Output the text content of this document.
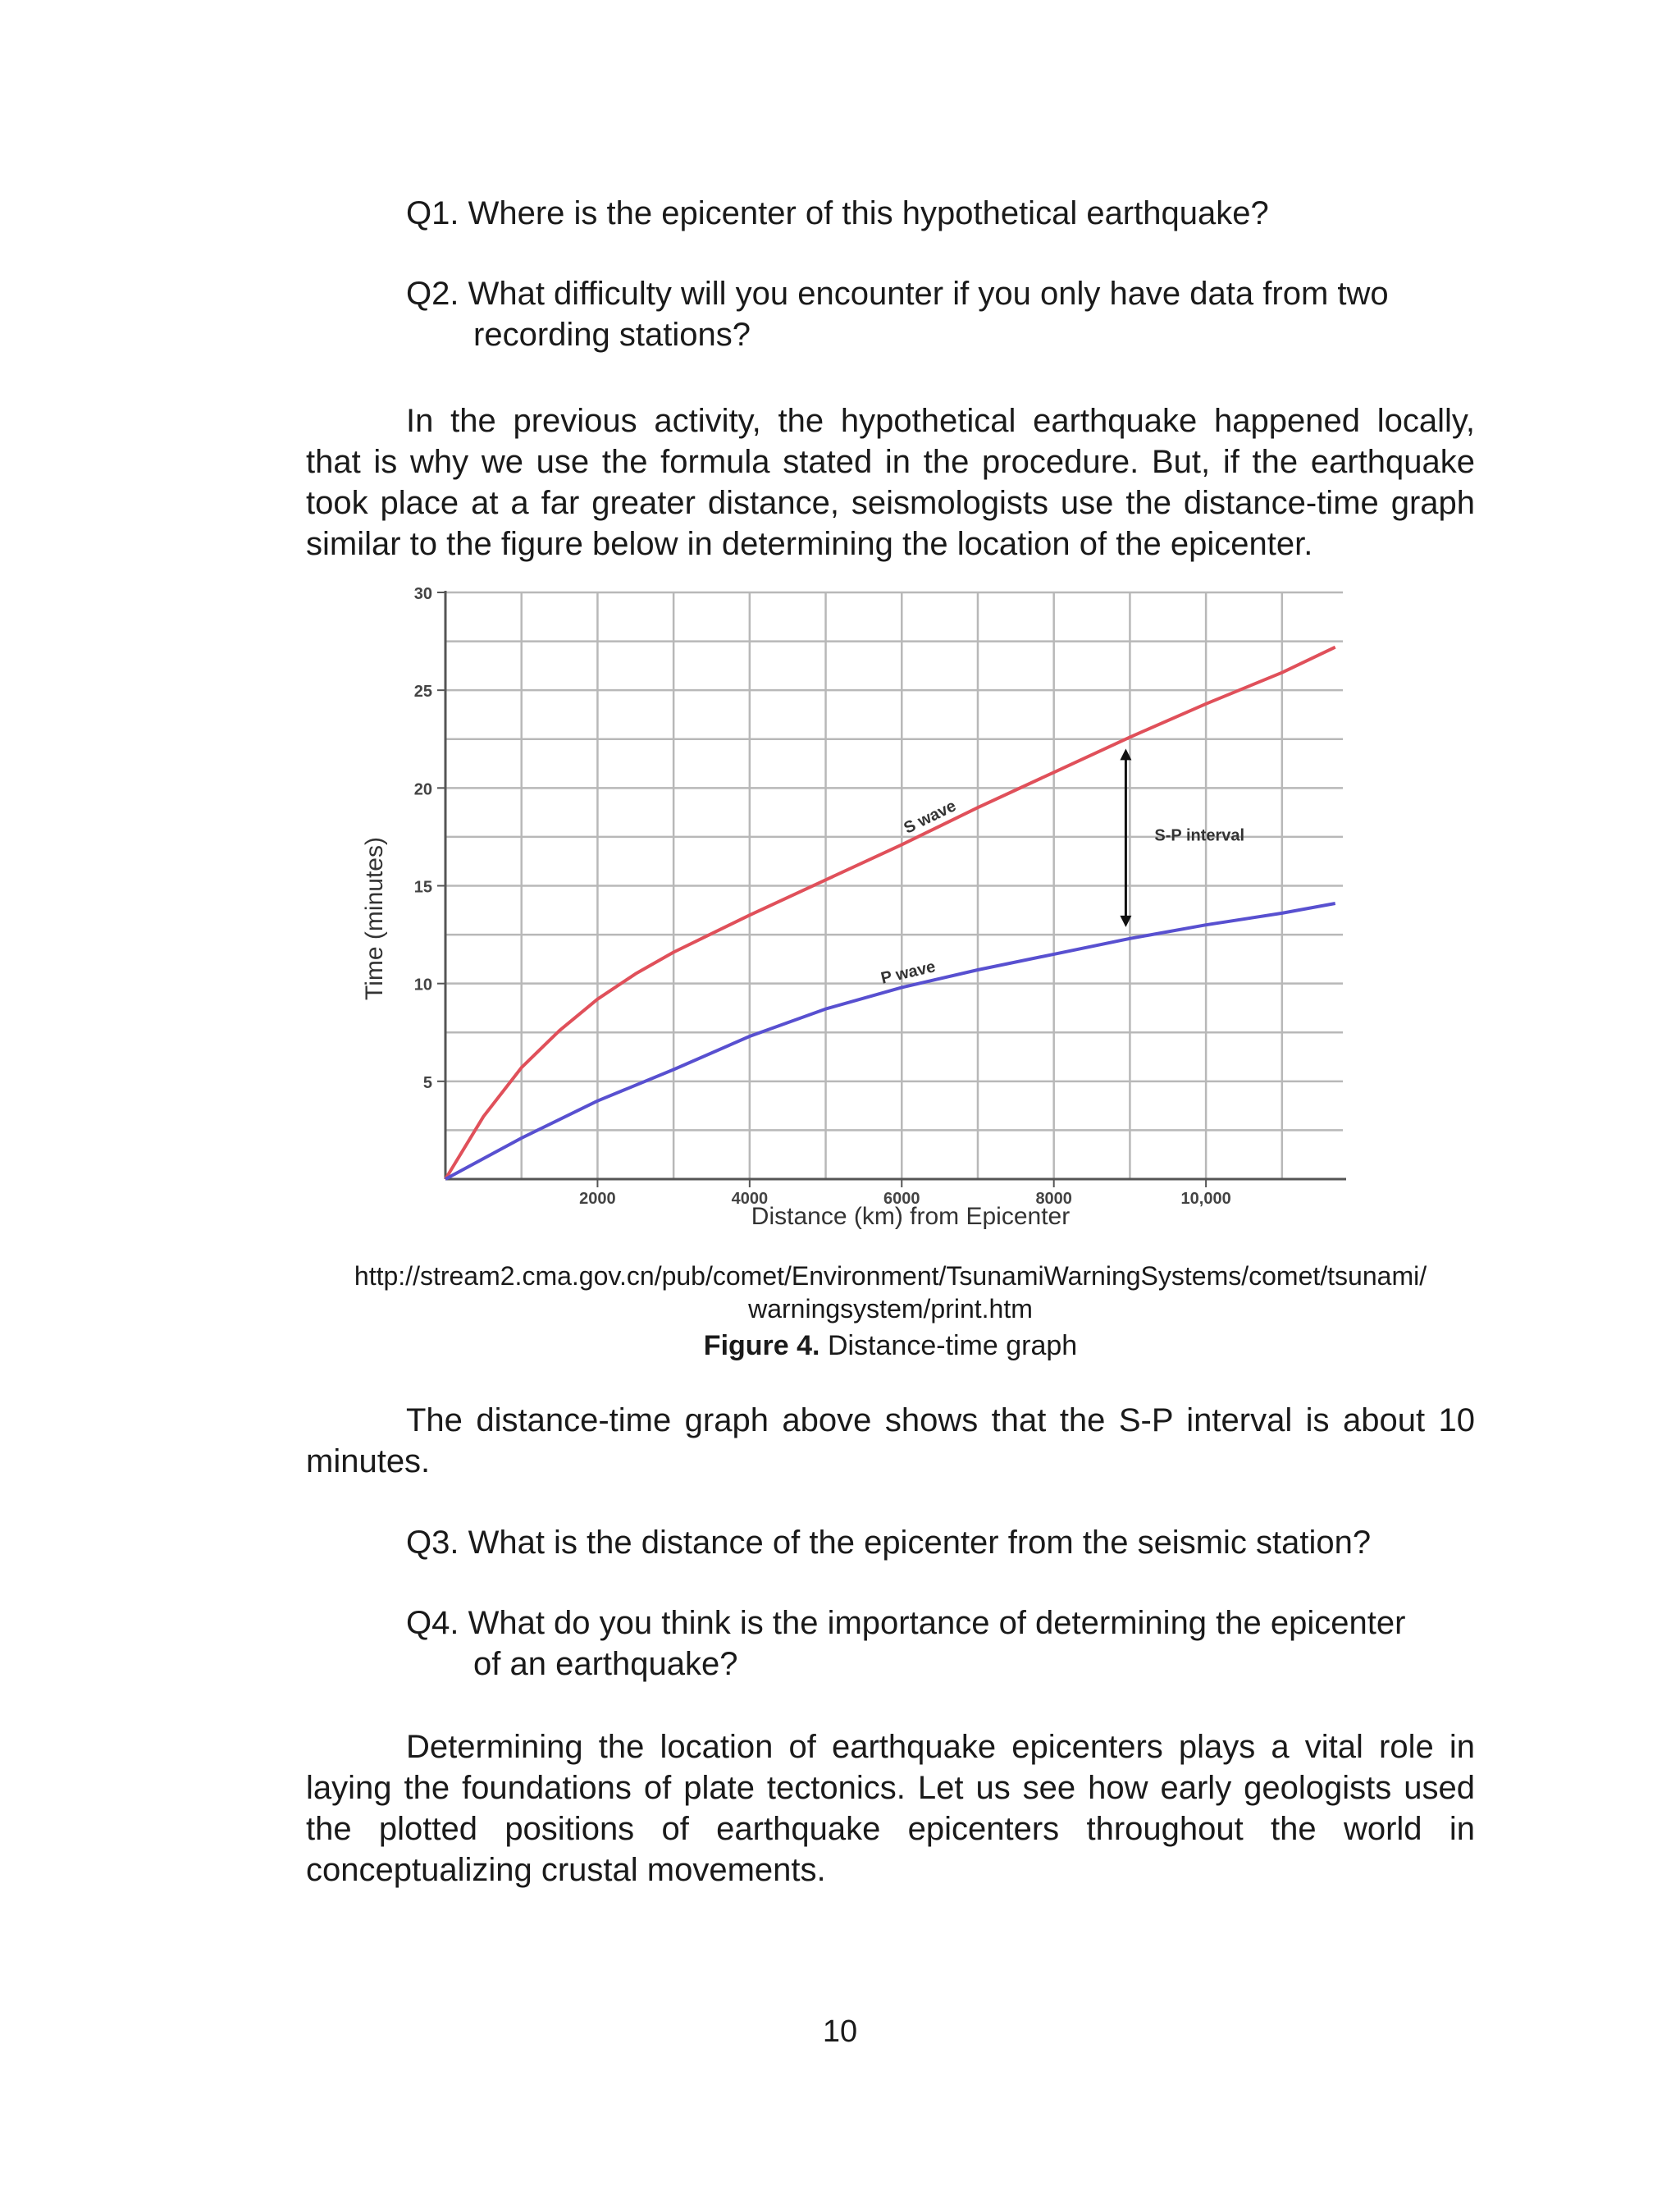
Q1. Where is the epicenter of this hypothetical earthquake?

Q2. What difficulty will you encounter if you only have data from two
recording stations?

In the previous activity, the hypothetical earthquake happened locally, that is why we use the formula stated in the procedure. But, if the earthquake took place at a far greater distance, seismologists use the distance-time graph similar to the figure below in determining the location of the epicenter.

5
10
15
20
25
30
2000	4000	6000	8000	10,000
S wave
P wave
S-P interval
Time (minutes)
Distance (km) from Epicenter

http://stream2.cma.gov.cn/pub/comet/Environment/TsunamiWarningSystems/comet/tsunami/
warningsystem/print.htm

Figure 4. Distance-time graph

The distance-time graph above shows that the S-P interval is about 10 minutes.

Q3. What is the distance of the epicenter from the seismic station?

Q4. What do you think is the importance of determining the epicenter
of an earthquake?

Determining the location of earthquake epicenters plays a vital role in laying the foundations of plate tectonics. Let us see how early geologists used the plotted positions of earthquake epicenters throughout the world in conceptualizing crustal movements.

10
